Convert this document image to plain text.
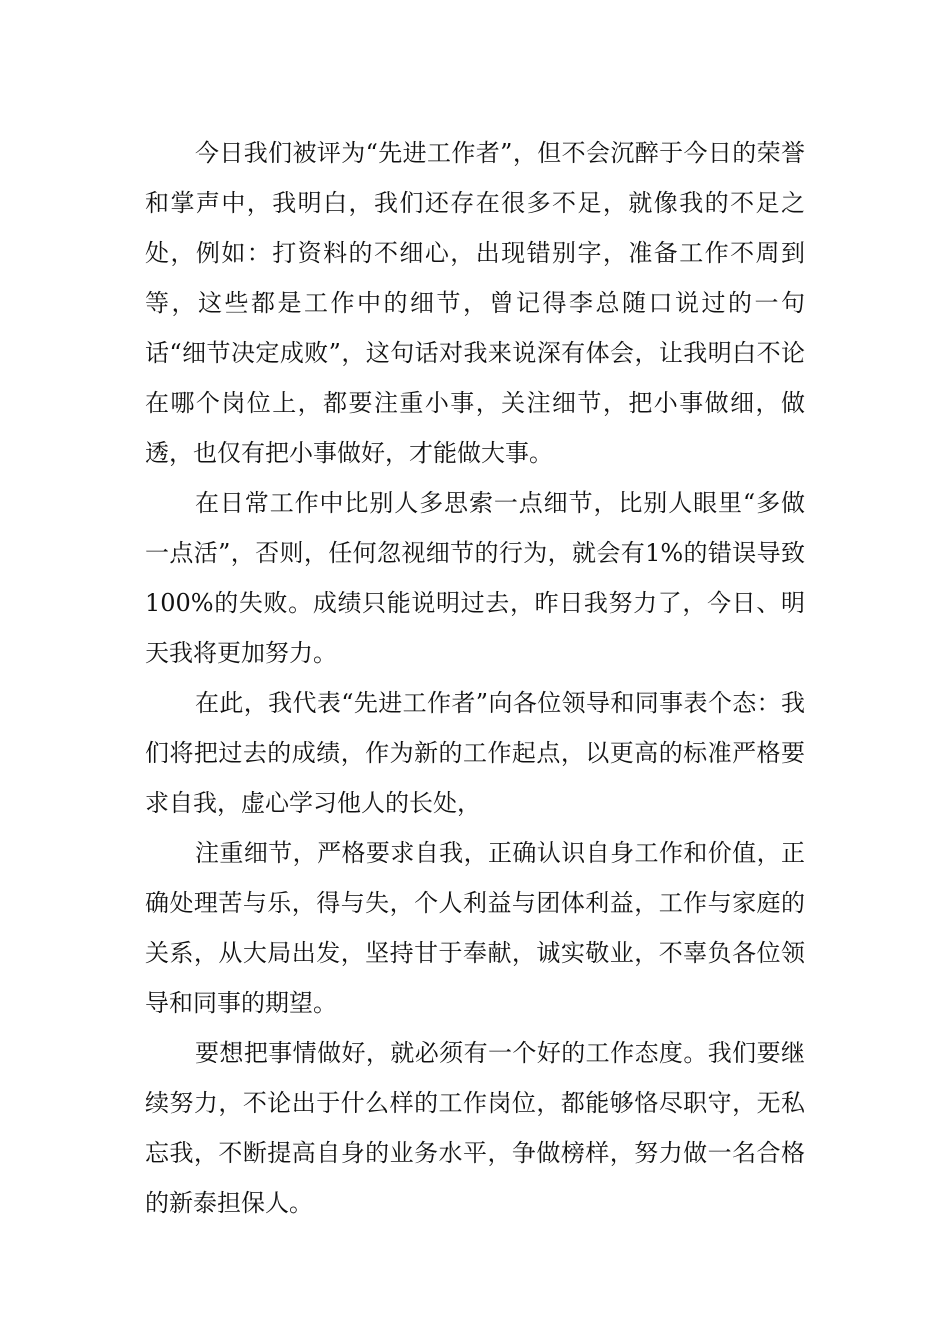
今日我们被评为“先进工作者”，但不会沉醉于今日的荣誉和掌声中，我明白，我们还存在很多不足，就像我的不足之处，例如：打资料的不细心，出现错别字，准备工作不周到等，这些都是工作中的细节，曾记得李总随口说过的一句话“细节决定成败”，这句话对我来说深有体会，让我明白不论在哪个岗位上，都要注重小事，关注细节，把小事做细，做透，也仅有把小事做好，才能做大事。

在日常工作中比别人多思索一点细节，比别人眼里“多做一点活”，否则，任何忽视细节的行为，就会有1%的错误导致100%的失败。成绩只能说明过去，昨日我努力了，今日、明天我将更加努力。

在此，我代表“先进工作者”向各位领导和同事表个态：我们将把过去的成绩，作为新的工作起点，以更高的标准严格要求自我，虚心学习他人的长处，

注重细节，严格要求自我，正确认识自身工作和价值，正确处理苦与乐，得与失，个人利益与团体利益，工作与家庭的关系，从大局出发，坚持甘于奉献，诚实敬业，不辜负各位领导和同事的期望。

要想把事情做好，就必须有一个好的工作态度。我们要继续努力，不论出于什么样的工作岗位，都能够恪尽职守，无私忘我，不断提高自身的业务水平，争做榜样，努力做一名合格的新泰担保人。
